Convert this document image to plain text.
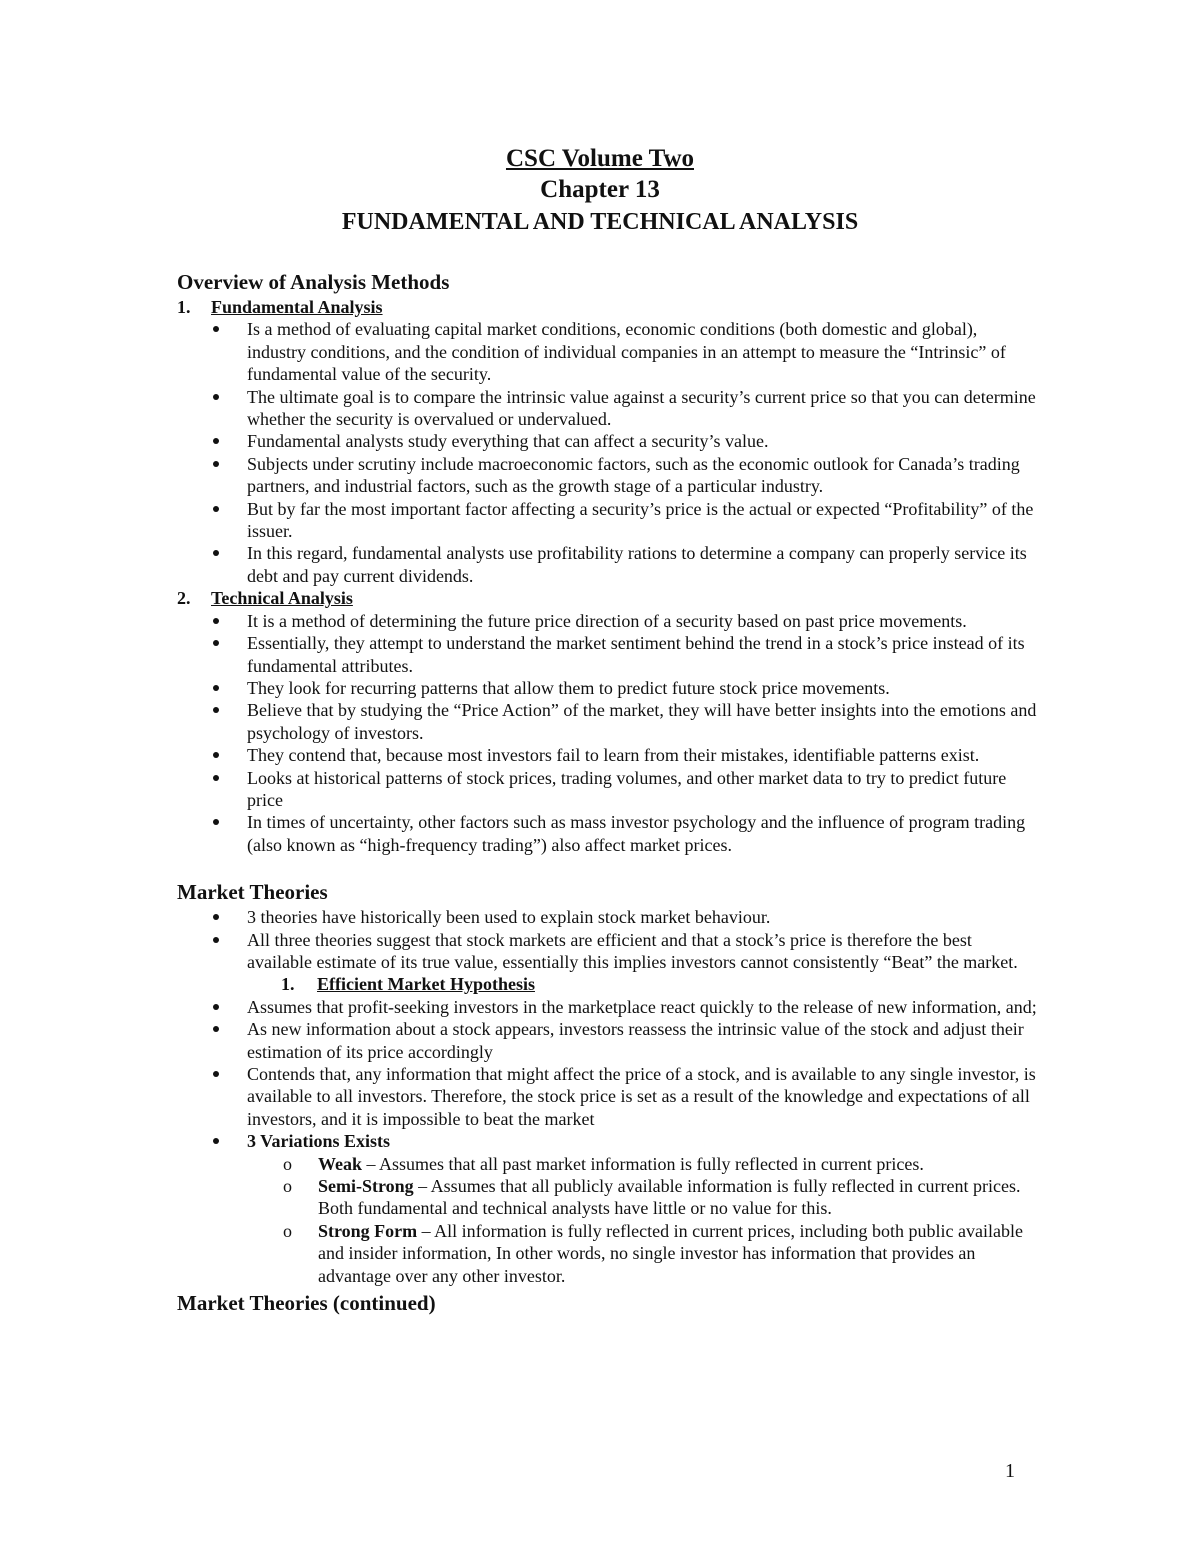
CSC Volume Two

Chapter 13

FUNDAMENTAL AND TECHNICAL ANALYSIS

Overview of Analysis Methods

1. Fundamental Analysis

Is a method of evaluating capital market conditions, economic conditions (both domestic and global), industry conditions, and the condition of individual companies in an attempt to measure the “Intrinsic” of fundamental value of the security.
The ultimate goal is to compare the intrinsic value against a security’s current price so that you can determine whether the security is overvalued or undervalued.
Fundamental analysts study everything that can affect a security’s value.
Subjects under scrutiny include macroeconomic factors, such as the economic outlook for Canada’s trading partners, and industrial factors, such as the growth stage of a particular industry.
But by far the most important factor affecting a security’s price is the actual or expected “Profitability” of the issuer.
In this regard, fundamental analysts use profitability rations to determine a company can properly service its debt and pay current dividends.

2. Technical Analysis

It is a method of determining the future price direction of a security based on past price movements.
Essentially, they attempt to understand the market sentiment behind the trend in a stock’s price instead of its fundamental attributes.
They look for recurring patterns that allow them to predict future stock price movements.
Believe that by studying the “Price Action” of the market, they will have better insights into the emotions and psychology of investors.
They contend that, because most investors fail to learn from their mistakes, identifiable patterns exist.
Looks at historical patterns of stock prices, trading volumes, and other market data to try to predict future price
In times of uncertainty, other factors such as mass investor psychology and the influence of program trading (also known as “high-frequency trading”) also affect market prices.

Market Theories

3 theories have historically been used to explain stock market behaviour.
All three theories suggest that stock markets are efficient and that a stock’s price is therefore the best available estimate of its true value, essentially this implies investors cannot consistently “Beat” the market.

1. Efficient Market Hypothesis

Assumes that profit-seeking investors in the marketplace react quickly to the release of new information, and;
As new information about a stock appears, investors reassess the intrinsic value of the stock and adjust their estimation of its price accordingly
Contends that, any information that might affect the price of a stock, and is available to any single investor, is available to all investors. Therefore, the stock price is set as a result of the knowledge and expectations of all investors, and it is impossible to beat the market
3 Variations Exists
o Weak – Assumes that all past market information is fully reflected in current prices.
o Semi-Strong – Assumes that all publicly available information is fully reflected in current prices. Both fundamental and technical analysts have little or no value for this.
o Strong Form – All information is fully reflected in current prices, including both public available and insider information, In other words, no single investor has information that provides an advantage over any other investor.

Market Theories (continued)

1
